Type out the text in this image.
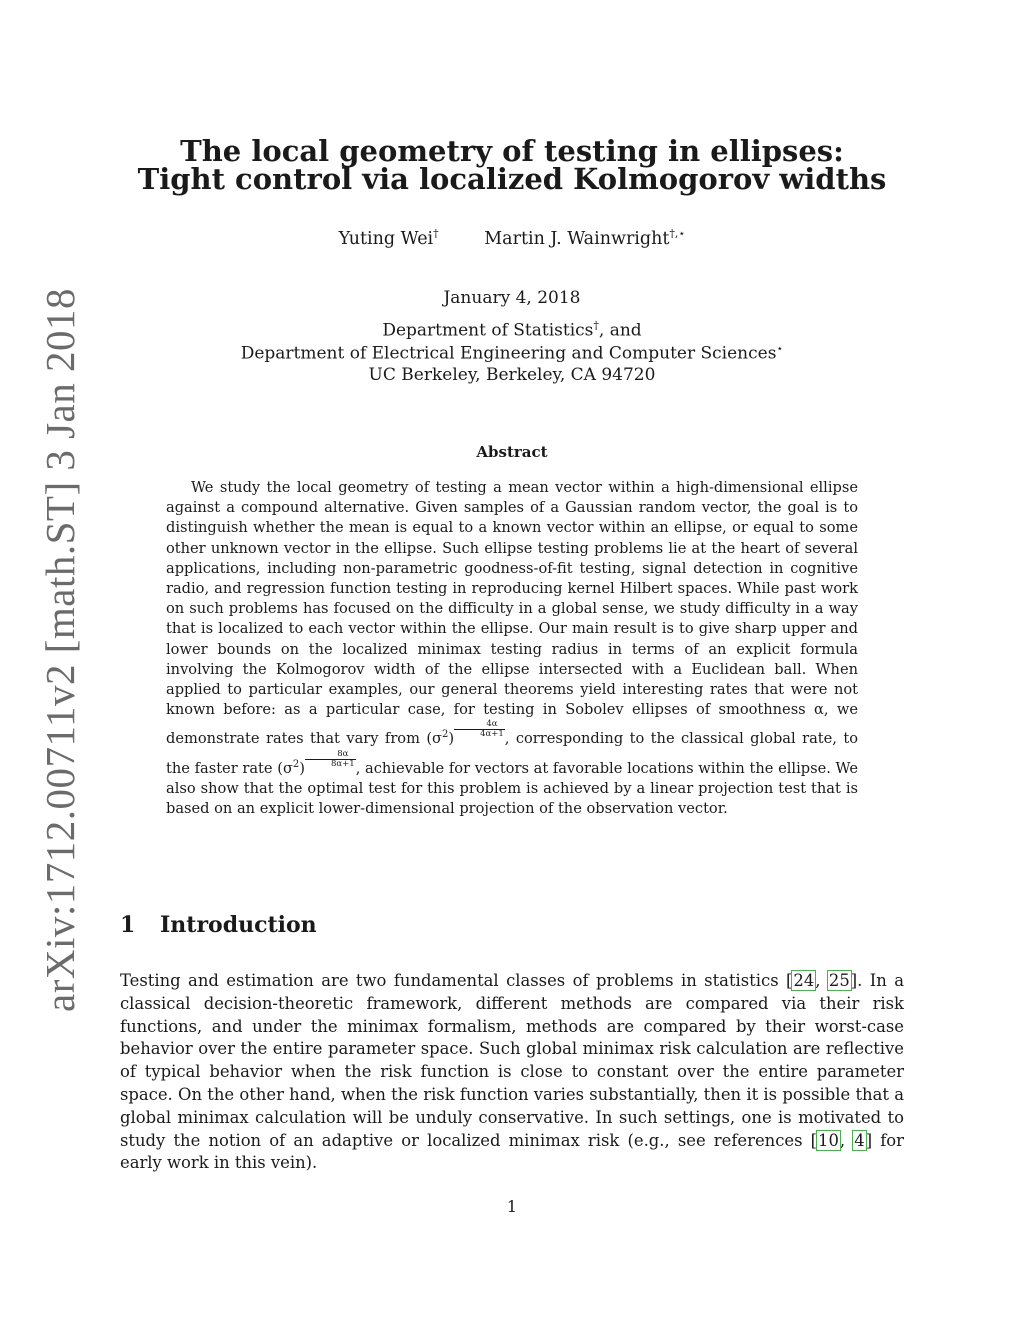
arXiv:1712.00711v2 [math.ST] 3 Jan 2018
The local geometry of testing in ellipses:
Tight control via localized Kolmogorov widths
Yuting Wei†	Martin J. Wainwright†,⋆
January 4, 2018
Department of Statistics†, and
Department of Electrical Engineering and Computer Sciences⋆
UC Berkeley, Berkeley, CA 94720
Abstract
We study the local geometry of testing a mean vector within a high-dimensional ellipse against a compound alternative. Given samples of a Gaussian random vector, the goal is to distinguish whether the mean is equal to a known vector within an ellipse, or equal to some other unknown vector in the ellipse. Such ellipse testing problems lie at the heart of several applications, including non-parametric goodness-of-fit testing, signal detection in cognitive radio, and regression function testing in reproducing kernel Hilbert spaces. While past work on such problems has focused on the difficulty in a global sense, we study difficulty in a way that is localized to each vector within the ellipse. Our main result is to give sharp upper and lower bounds on the localized minimax testing radius in terms of an explicit formula involving the Kolmogorov width of the ellipse intersected with a Euclidean ball. When applied to particular examples, our general theorems yield interesting rates that were not known before: as a particular case, for testing in Sobolev ellipses of smoothness α, we demonstrate rates that vary from $(\sigma^2) \frac{4\alpha}{4\alpha+1}$ , corresponding to the classical global rate, to the faster rate $(\sigma^2) \frac{8\alpha}{8\alpha+1}$ , achievable for vectors at favorable locations within the ellipse. We also show that the optimal test for this problem is achieved by a linear projection test that is based on an explicit lower-dimensional projection of the observation vector.
1 Introduction
Testing and estimation are two fundamental classes of problems in statistics [24, 25]. In a classical decision-theoretic framework, different methods are compared via their risk functions, and under the minimax formalism, methods are compared by their worst-case behavior over the entire parameter space. Such global minimax risk calculation are reflective of typical behavior when the risk function is close to constant over the entire parameter space. On the other hand, when the risk function varies substantially, then it is possible that a global minimax calculation will be unduly conservative. In such settings, one is motivated to study the notion of an adaptive or localized minimax risk (e.g., see references [10, 4] for early work in this vein).
1
